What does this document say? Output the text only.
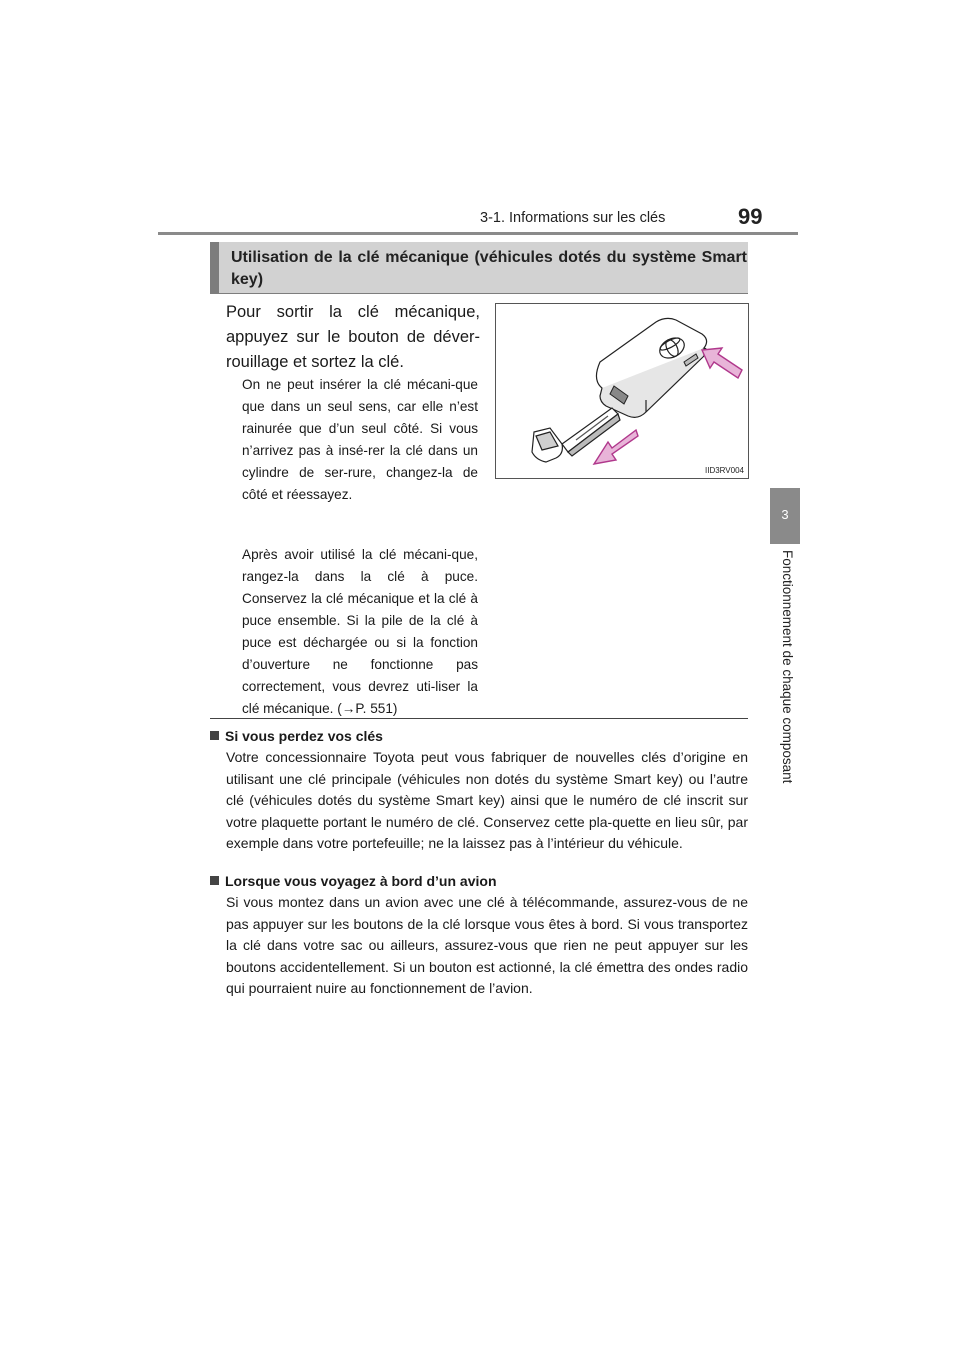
3-1. Informations sur les clés	99
3
Fonctionnement de chaque composant
Utilisation de la clé mécanique (véhicules dotés du système Smart key)
Pour sortir la clé mécanique, appuyez sur le bouton de déver-rouillage et sortez la clé.
On ne peut insérer la clé mécani-que que dans un seul sens, car elle n’est rainurée que d’un seul côté. Si vous n’arrivez pas à insé-rer la clé dans un cylindre de ser-rure, changez-la de côté et réessayez.
Après avoir utilisé la clé mécani-que, rangez-la dans la clé à puce. Conservez la clé mécanique et la clé à puce ensemble. Si la pile de la clé à puce est déchargée ou si la fonction d’ouverture ne fonctionne pas correctement, vous devrez uti-liser la clé mécanique. (→P. 551)
IID3RV004
Si vous perdez vos clés
Votre concessionnaire Toyota peut vous fabriquer de nouvelles clés d’origine en utilisant une clé principale (véhicules non dotés du système Smart key) ou l’autre clé (véhicules dotés du système Smart key) ainsi que le numéro de clé inscrit sur votre plaquette portant le numéro de clé. Conservez cette pla-quette en lieu sûr, par exemple dans votre portefeuille; ne la laissez pas à l’intérieur du véhicule.
Lorsque vous voyagez à bord d’un avion
Si vous montez dans un avion avec une clé à télécommande, assurez-vous de ne pas appuyer sur les boutons de la clé lorsque vous êtes à bord. Si vous transportez la clé dans votre sac ou ailleurs, assurez-vous que rien ne peut appuyer sur les boutons accidentellement. Si un bouton est actionné, la clé émettra des ondes radio qui pourraient nuire au fonctionnement de l’avion.
